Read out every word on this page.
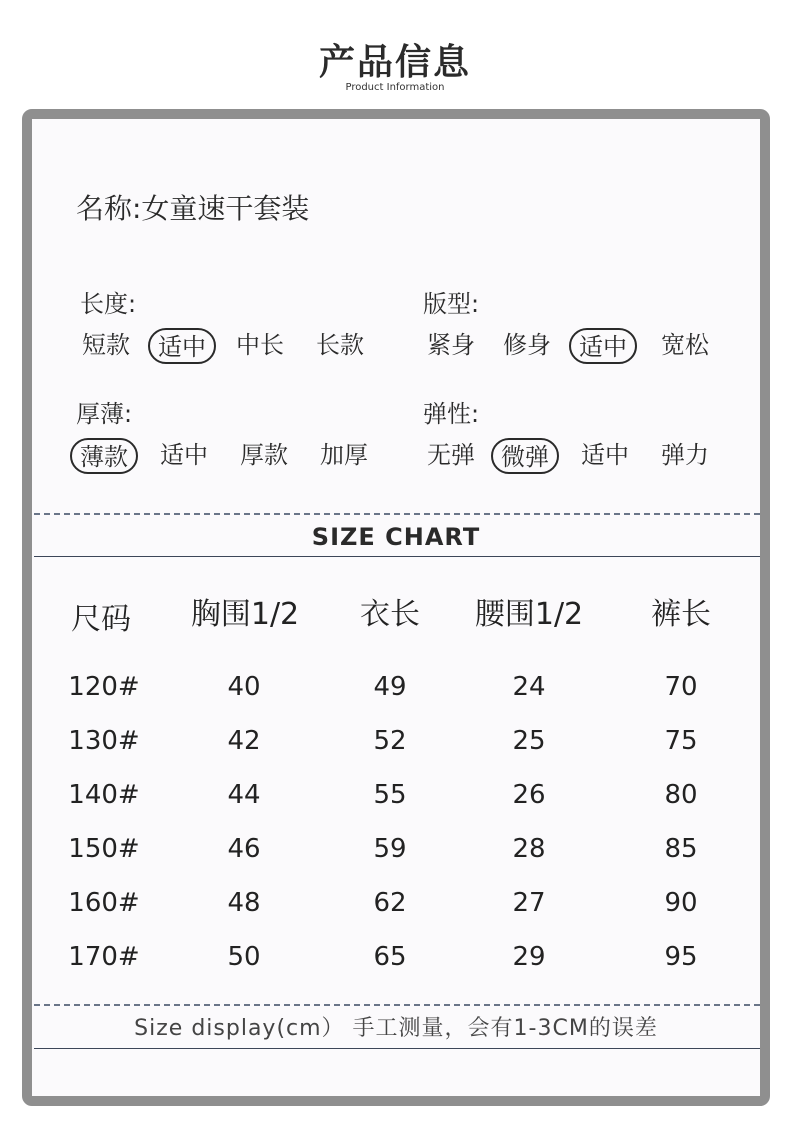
产品信息
Product Information
名称:女童速干套装
长度:
短款	适中	中长	长款
版型:
紧身	修身	适中	宽松
厚薄:
薄款	适中	厚款	加厚
弹性:
无弹	微弹	适中	弹力
SIZE CHART
尺码	胸围1/2	衣长	腰围1/2	裤长
120#	40	49	24	70
130#	42	52	25	75
140#	44	55	26	80
150#	46	59	28	85
160#	48	62	27	90
170#	50	65	29	95
Size display(cm） 手工测量，会有1-3CM的误差
